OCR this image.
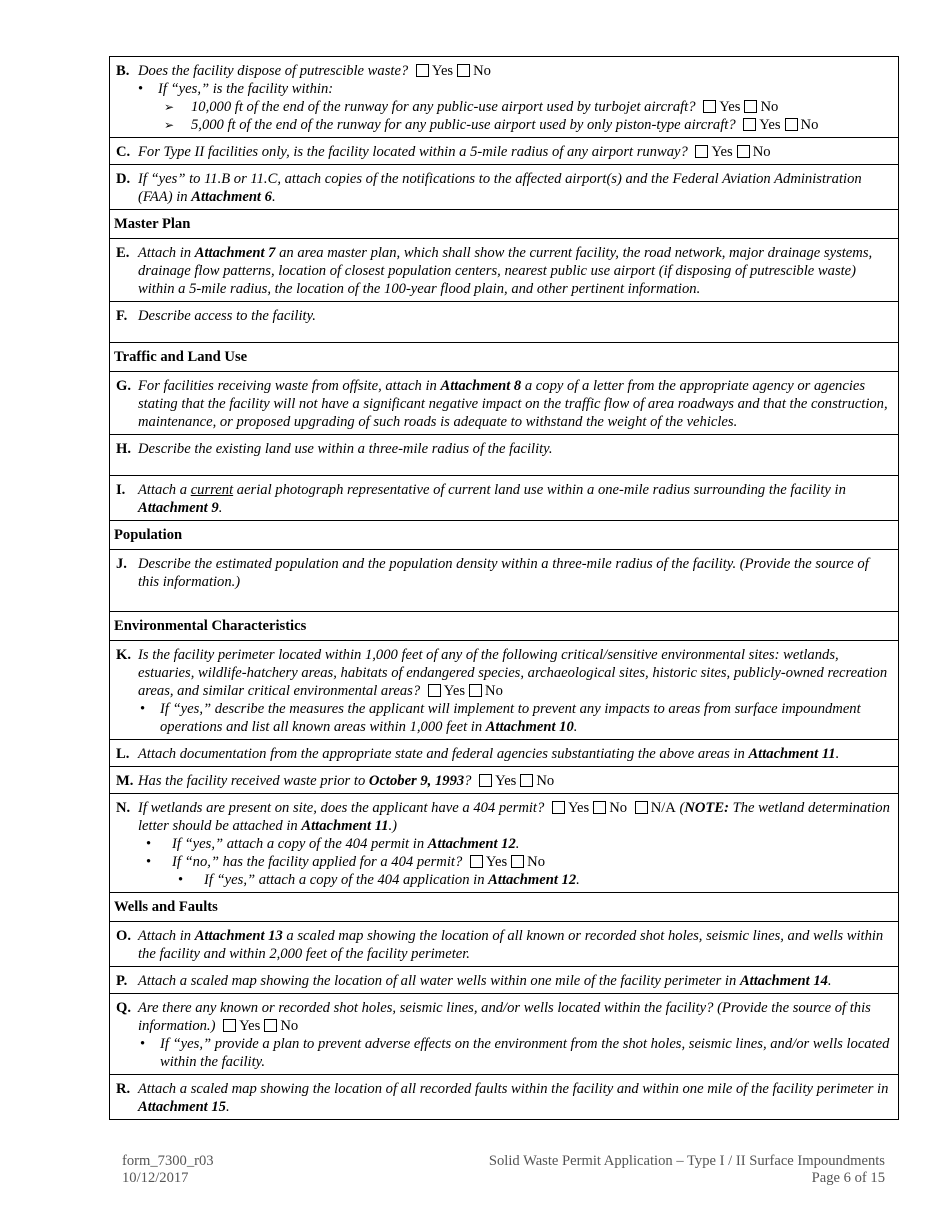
B. Does the facility dispose of putrescible waste? Yes No
• If “yes,” is the facility within:
➢ 10,000 ft of the end of the runway for any public-use airport used by turbojet aircraft? Yes No
➢ 5,000 ft of the end of the runway for any public-use airport used by only piston-type aircraft? Yes No
C. For Type II facilities only, is the facility located within a 5-mile radius of any airport runway? Yes No
D. If “yes” to 11.B or 11.C, attach copies of the notifications to the affected airport(s) and the Federal Aviation Administration (FAA) in Attachment 6.
Master Plan
E. Attach in Attachment 7 an area master plan, which shall show the current facility, the road network, major drainage systems, drainage flow patterns, location of closest population centers, nearest public use airport (if disposing of putrescible waste) within a 5-mile radius, the location of the 100-year flood plain, and other pertinent information.
F. Describe access to the facility.
Traffic and Land Use
G. For facilities receiving waste from offsite, attach in Attachment 8 a copy of a letter from the appropriate agency or agencies stating that the facility will not have a significant negative impact on the traffic flow of area roadways and that the construction, maintenance, or proposed upgrading of such roads is adequate to withstand the weight of the vehicles.
H. Describe the existing land use within a three-mile radius of the facility.
I. Attach a current aerial photograph representative of current land use within a one-mile radius surrounding the facility in Attachment 9.
Population
J. Describe the estimated population and the population density within a three-mile radius of the facility. (Provide the source of this information.)
Environmental Characteristics
K. Is the facility perimeter located within 1,000 feet of any of the following critical/sensitive environmental sites: wetlands, estuaries, wildlife-hatchery areas, habitats of endangered species, archaeological sites, historic sites, publicly-owned recreation areas, and similar critical environmental areas? Yes No
• If “yes,” describe the measures the applicant will implement to prevent any impacts to areas from surface impoundment operations and list all known areas within 1,000 feet in Attachment 10.
L. Attach documentation from the appropriate state and federal agencies substantiating the above areas in Attachment 11.
M. Has the facility received waste prior to October 9, 1993? Yes No
N. If wetlands are present on site, does the applicant have a 404 permit? Yes No N/A (NOTE: The wetland determination letter should be attached in Attachment 11.)
• If “yes,” attach a copy of the 404 permit in Attachment 12.
• If “no,” has the facility applied for a 404 permit? Yes No
• If “yes,” attach a copy of the 404 application in Attachment 12.
Wells and Faults
O. Attach in Attachment 13 a scaled map showing the location of all known or recorded shot holes, seismic lines, and wells within the facility and within 2,000 feet of the facility perimeter.
P. Attach a scaled map showing the location of all water wells within one mile of the facility perimeter in Attachment 14.
Q. Are there any known or recorded shot holes, seismic lines, and/or wells located within the facility? (Provide the source of this information.) Yes No
• If “yes,” provide a plan to prevent adverse effects on the environment from the shot holes, seismic lines, and/or wells located within the facility.
R. Attach a scaled map showing the location of all recorded faults within the facility and within one mile of the facility perimeter in Attachment 15.
form_7300_r03
10/12/2017
Solid Waste Permit Application – Type I / II Surface Impoundments
Page 6 of 15
